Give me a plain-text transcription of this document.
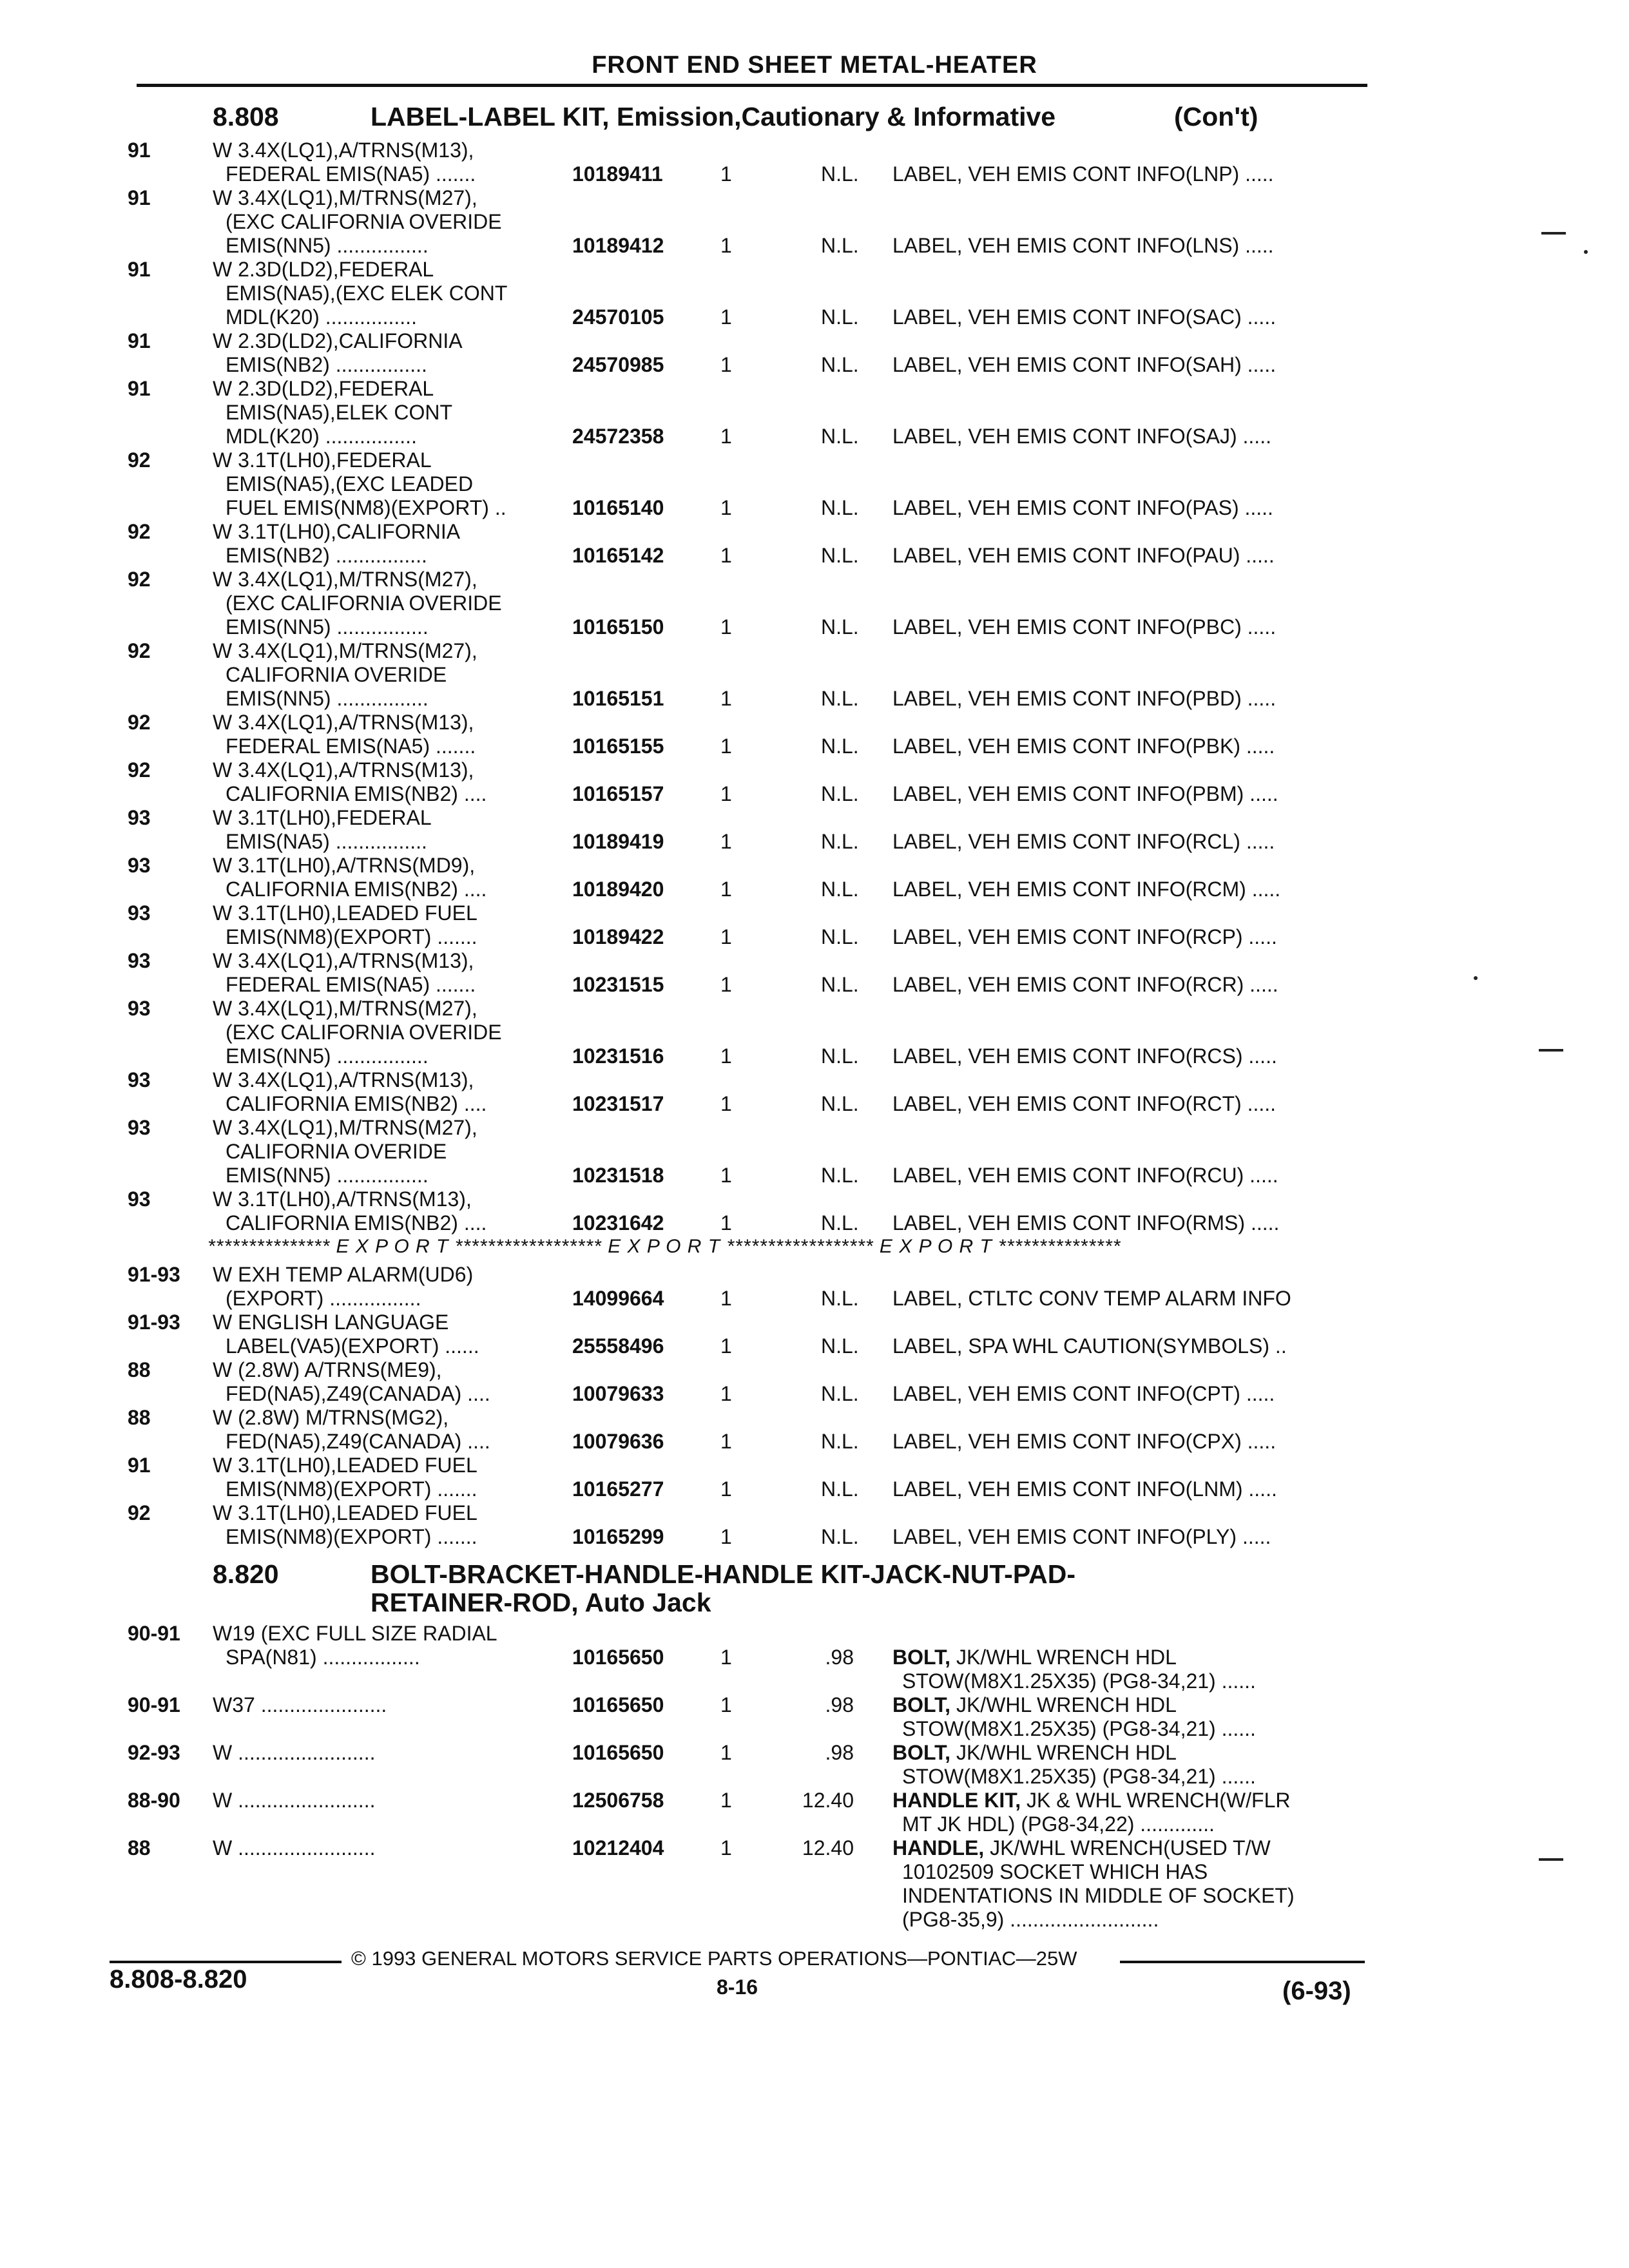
FRONT END SHEET METAL-HEATER
8.808	LABEL-LABEL KIT, Emission,Cautionary & Informative	(Con't)
91	W 3.4X(LQ1),A/TRNS(M13),
FEDERAL EMIS(NA5) .......	10189411	1	N.L. LABEL, VEH EMIS CONT INFO(LNP) .....
91	W 3.4X(LQ1),M/TRNS(M27),
(EXC CALIFORNIA OVERIDE
EMIS(NN5) ................	10189412	1	N.L. LABEL, VEH EMIS CONT INFO(LNS) .....
91	W 2.3D(LD2),FEDERAL
EMIS(NA5),(EXC ELEK CONT
MDL(K20) ................	24570105	1	N.L. LABEL, VEH EMIS CONT INFO(SAC) .....
91	W 2.3D(LD2),CALIFORNIA
EMIS(NB2) ................	24570985	1	N.L. LABEL, VEH EMIS CONT INFO(SAH) .....
91	W 2.3D(LD2),FEDERAL
EMIS(NA5),ELEK CONT
MDL(K20) ................	24572358	1	N.L. LABEL, VEH EMIS CONT INFO(SAJ) .....
92	W 3.1T(LH0),FEDERAL
EMIS(NA5),(EXC LEADED
FUEL EMIS(NM8)(EXPORT) ..	10165140	1	N.L. LABEL, VEH EMIS CONT INFO(PAS) .....
92	W 3.1T(LH0),CALIFORNIA
EMIS(NB2) ................	10165142	1	N.L. LABEL, VEH EMIS CONT INFO(PAU) .....
92	W 3.4X(LQ1),M/TRNS(M27),
(EXC CALIFORNIA OVERIDE
EMIS(NN5) ................	10165150	1	N.L. LABEL, VEH EMIS CONT INFO(PBC) .....
92	W 3.4X(LQ1),M/TRNS(M27),
CALIFORNIA OVERIDE
EMIS(NN5) ................	10165151	1	N.L. LABEL, VEH EMIS CONT INFO(PBD) .....
92	W 3.4X(LQ1),A/TRNS(M13),
FEDERAL EMIS(NA5) .......	10165155	1	N.L. LABEL, VEH EMIS CONT INFO(PBK) .....
92	W 3.4X(LQ1),A/TRNS(M13),
CALIFORNIA EMIS(NB2) ....	10165157	1	N.L. LABEL, VEH EMIS CONT INFO(PBM) .....
93	W 3.1T(LH0),FEDERAL
EMIS(NA5) ................	10189419	1	N.L. LABEL, VEH EMIS CONT INFO(RCL) .....
93	W 3.1T(LH0),A/TRNS(MD9),
CALIFORNIA EMIS(NB2) ....	10189420	1	N.L. LABEL, VEH EMIS CONT INFO(RCM) .....
93	W 3.1T(LH0),LEADED FUEL
EMIS(NM8)(EXPORT) .......	10189422	1	N.L. LABEL, VEH EMIS CONT INFO(RCP) .....
93	W 3.4X(LQ1),A/TRNS(M13),
FEDERAL EMIS(NA5) .......	10231515	1	N.L. LABEL, VEH EMIS CONT INFO(RCR) .....
93	W 3.4X(LQ1),M/TRNS(M27),
(EXC CALIFORNIA OVERIDE
EMIS(NN5) ................	10231516	1	N.L. LABEL, VEH EMIS CONT INFO(RCS) .....
93	W 3.4X(LQ1),A/TRNS(M13),
CALIFORNIA EMIS(NB2) ....	10231517	1	N.L. LABEL, VEH EMIS CONT INFO(RCT) .....
93	W 3.4X(LQ1),M/TRNS(M27),
CALIFORNIA OVERIDE
EMIS(NN5) ................	10231518	1	N.L. LABEL, VEH EMIS CONT INFO(RCU) .....
93	W 3.1T(LH0),A/TRNS(M13),
CALIFORNIA EMIS(NB2) ....	10231642	1	N.L. LABEL, VEH EMIS CONT INFO(RMS) .....
*************** E X P O R T ****************** E X P O R T ****************** E X P O R T ***************
91-93 W EXH TEMP ALARM(UD6)
(EXPORT) ................	14099664	1	N.L. LABEL, CTLTC CONV TEMP ALARM INFO
91-93 W ENGLISH LANGUAGE
LABEL(VA5)(EXPORT) ......	25558496	1	N.L. LABEL, SPA WHL CAUTION(SYMBOLS) ..
88	W (2.8W) A/TRNS(ME9),
FED(NA5),Z49(CANADA) ....	10079633	1	N.L. LABEL, VEH EMIS CONT INFO(CPT) .....
88	W (2.8W) M/TRNS(MG2),
FED(NA5),Z49(CANADA) ....	10079636	1	N.L. LABEL, VEH EMIS CONT INFO(CPX) .....
91	W 3.1T(LH0),LEADED FUEL
EMIS(NM8)(EXPORT) .......	10165277	1	N.L. LABEL, VEH EMIS CONT INFO(LNM) .....
92	W 3.1T(LH0),LEADED FUEL
EMIS(NM8)(EXPORT) .......	10165299	1	N.L. LABEL, VEH EMIS CONT INFO(PLY) .....
8.820	BOLT-BRACKET-HANDLE-HANDLE KIT-JACK-NUT-PAD-
RETAINER-ROD, Auto Jack
90-91 W19 (EXC FULL SIZE RADIAL
SPA(N81) .................	10165650	1	.98 BOLT, JK/WHL WRENCH HDL
STOW(M8X1.25X35) (PG8-34,21) ......
90-91 W37 ......................	10165650	1	.98 BOLT, JK/WHL WRENCH HDL
STOW(M8X1.25X35) (PG8-34,21) ......
92-93 W ........................	10165650	1	.98 BOLT, JK/WHL WRENCH HDL
STOW(M8X1.25X35) (PG8-34,21) ......
88-90 W ........................	12506758	1	12.40 HANDLE KIT, JK & WHL WRENCH(W/FLR
MT JK HDL) (PG8-34,22) .............
88	W ........................	10212404	1	12.40 HANDLE, JK/WHL WRENCH(USED T/W
10102509 SOCKET WHICH HAS
INDENTATIONS IN MIDDLE OF SOCKET)
(PG8-35,9) ..........................
© 1993 GENERAL MOTORS SERVICE PARTS OPERATIONS—PONTIAC—25W
8.808-8.820	8-16	(6-93)
